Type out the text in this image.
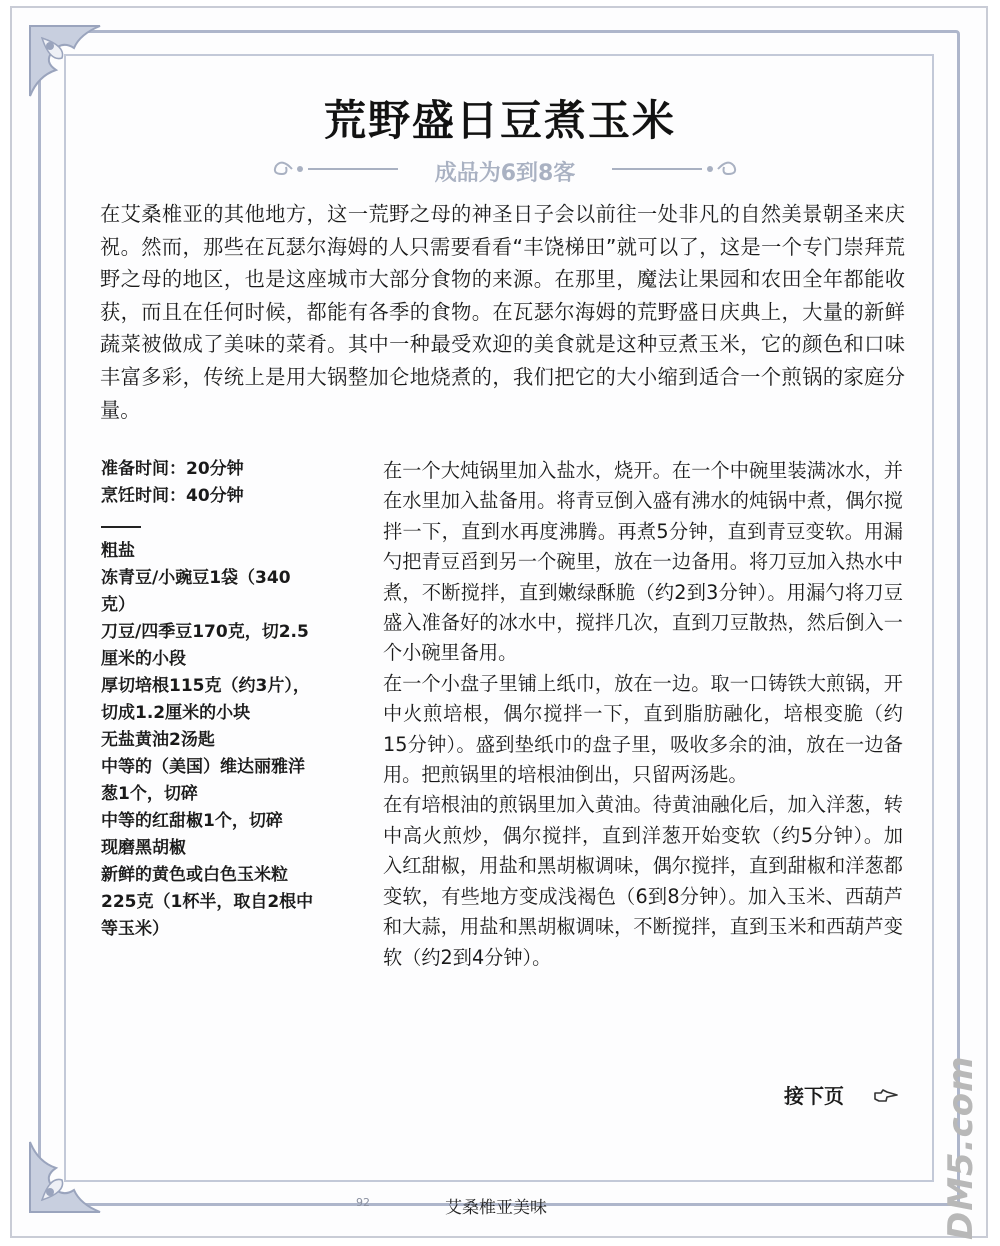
荒野盛日豆煮玉米
成品为6到8客

在艾桑椎亚的其他地方，这一荒野之母的神圣日子会以前往一处非凡的自然美景朝圣来庆祝。然而，那些在瓦瑟尔海姆的人只需要看看“丰饶梯田”就可以了，这是一个专门崇拜荒野之母的地区，也是这座城市大部分食物的来源。在那里，魔法让果园和农田全年都能收获，而且在任何时候，都能有各季的食物。在瓦瑟尔海姆的荒野盛日庆典上，大量的新鲜蔬菜被做成了美味的菜肴。其中一种最受欢迎的美食就是这种豆煮玉米，它的颜色和口味丰富多彩，传统上是用大锅整加仑地烧煮的，我们把它的大小缩到适合一个煎锅的家庭分量。

准备时间：20分钟

烹饪时间：40分钟

粗盐
冻青豆/小豌豆1袋（340克）
刀豆/四季豆170克，切2.5厘米的小段
厚切培根115克（约3片），切成1.2厘米的小块
无盐黄油2汤匙
中等的（美国）维达丽雅洋葱1个，切碎
中等的红甜椒1个，切碎
现磨黑胡椒
新鲜的黄色或白色玉米粒225克（1杯半，取自2根中等玉米）

在一个大炖锅里加入盐水，烧开。在一个中碗里装满冰水，并在水里加入盐备用。将青豆倒入盛有沸水的炖锅中煮，偶尔搅拌一下，直到水再度沸腾。再煮5分钟，直到青豆变软。用漏勺把青豆舀到另一个碗里，放在一边备用。将刀豆加入热水中煮，不断搅拌，直到嫩绿酥脆（约2到3分钟）。用漏勺将刀豆盛入准备好的冰水中，搅拌几次，直到刀豆散热，然后倒入一个小碗里备用。

在一个小盘子里铺上纸巾，放在一边。取一口铸铁大煎锅，开中火煎培根，偶尔搅拌一下，直到脂肪融化，培根变脆（约15分钟）。盛到垫纸巾的盘子里，吸收多余的油，放在一边备用。把煎锅里的培根油倒出，只留两汤匙。

在有培根油的煎锅里加入黄油。待黄油融化后，加入洋葱，转中高火煎炒，偶尔搅拌，直到洋葱开始变软（约5分钟）。加入红甜椒，用盐和黑胡椒调味，偶尔搅拌，直到甜椒和洋葱都变软，有些地方变成浅褐色（6到8分钟）。加入玉米、西葫芦和大蒜，用盐和黑胡椒调味，不断搅拌，直到玉米和西葫芦变软（约2到4分钟）。

接下页
92	艾桑椎亚美味	DM5.com
